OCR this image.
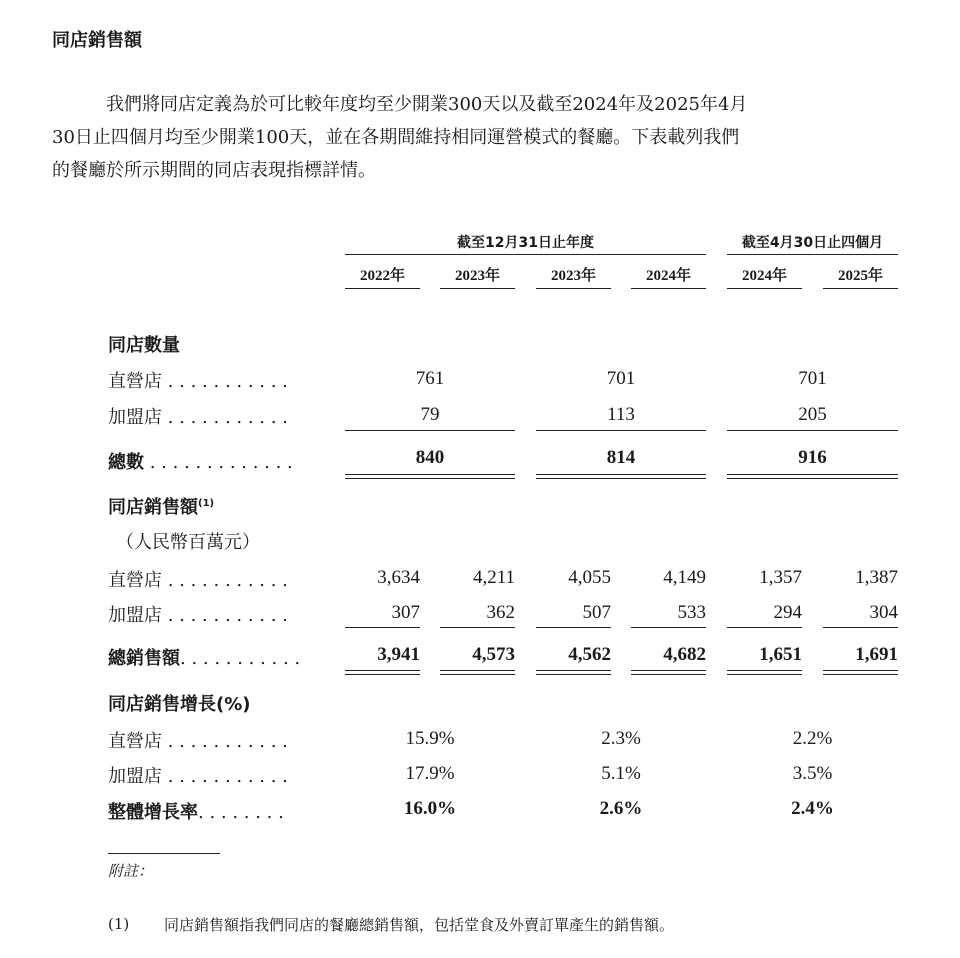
同店銷售額
我們將同店定義為於可比較年度均至少開業300天以及截至2024年及2025年4月
30日止四個月均至少開業100天，並在各期間維持相同運營模式的餐廳。下表載列我們
的餐廳於所示期間的同店表現指標詳情。
截至12月31日止年度	截至4月30日止四個月
2022年	2023年	2023年	2024年	2024年	2025年
同店數量
直營店 . . . . . . . . . . .	761	701	701
加盟店 . . . . . . . . . . .	79	113	205
總數 . . . . . . . . . . . . .	840	814	916
同店銷售額$^{(1)}$
（人民幣百萬元）
直營店 . . . . . . . . . . .	3,634	4,211	4,055	4,149	1,357	1,387
加盟店 . . . . . . . . . . .	307	362	507	533	294	304
總銷售額. . . . . . . . . . .	3,941	4,573	4,562	4,682	1,651	1,691
同店銷售增長(%)
直營店 . . . . . . . . . . .	15.9%	2.3%	2.2%
加盟店 . . . . . . . . . . .	17.9%	5.1%	3.5%
整體增長率. . . . . . . .	16.0%	2.6%	2.4%
附註：
(1) 同店銷售額指我們同店的餐廳總銷售額，包括堂食及外賣訂單產生的銷售額。
